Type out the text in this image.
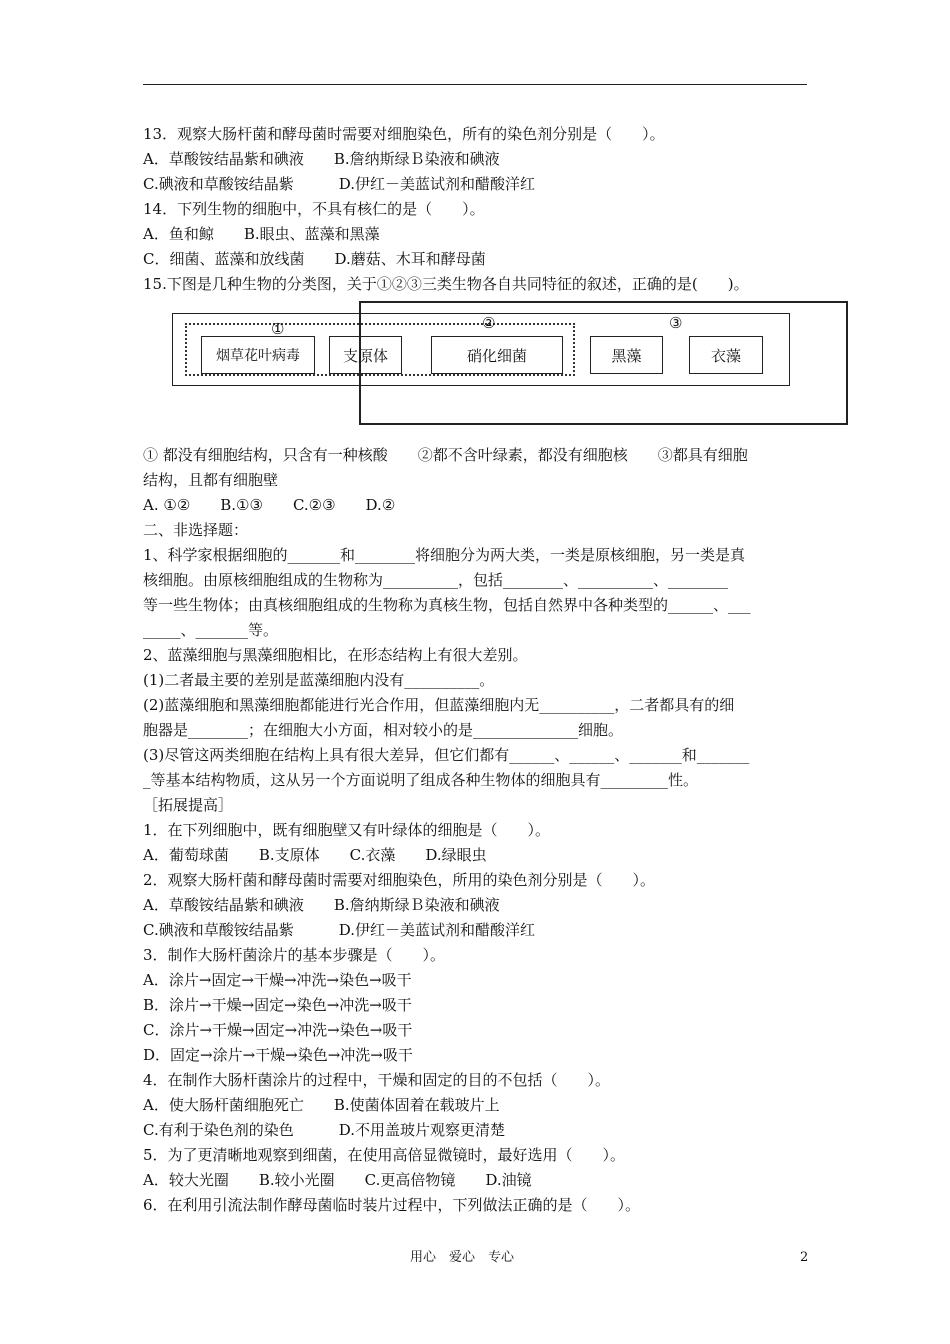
13．观察大肠杆菌和酵母菌时需要对细胞染色，所有的染色剂分别是（　　）。
A．草酸铵结晶紫和碘液　　B.詹纳斯绿Ｂ染液和碘液
C.碘液和草酸铵结晶紫　　　D.伊红－美蓝试剂和醋酸洋红
14．下列生物的细胞中，不具有核仁的是（　　）。
A．鱼和鲸　　B.眼虫、蓝藻和黑藻
C．细菌、蓝藻和放线菌　　D.蘑菇、木耳和酵母菌
15.下图是几种生物的分类图，关于①②③三类生物各自共同特征的叙述，正确的是(　　)。
①	②	③
烟草花叶病毒	支原体	硝化细菌	黑藻	衣藻
① 都没有细胞结构，只含有一种核酸　　②都不含叶绿素，都没有细胞核　　③都具有细胞
结构，且都有细胞壁
A. ①②　　B.①③　　C.②③　　D.②
二、非选择题：
1、科学家根据细胞的_______和________将细胞分为两大类，一类是原核细胞，另一类是真
核细胞。由原核细胞组成的生物称为__________，包括________、__________、________
等一些生物体；由真核细胞组成的生物称为真核生物，包括自然界中各种类型的______、___
_____、_______等。
2、蓝藻细胞与黑藻细胞相比，在形态结构上有很大差别。
(1)二者最主要的差别是蓝藻细胞内没有__________。
(2)蓝藻细胞和黑藻细胞都能进行光合作用，但蓝藻细胞内无__________，二者都具有的细
胞器是________；在细胞大小方面，相对较小的是______________细胞。
(3)尽管这两类细胞在结构上具有很大差异，但它们都有______、______、_______和_______
_等基本结构物质，这从另一个方面说明了组成各种生物体的细胞具有_________性。
［拓展提高］
1．在下列细胞中，既有细胞壁又有叶绿体的细胞是（　　）。
A．葡萄球菌　　B.支原体　　C.衣藻　　D.绿眼虫
2．观察大肠杆菌和酵母菌时需要对细胞染色，所用的染色剂分别是（　　）。
A．草酸铵结晶紫和碘液　　B.詹纳斯绿Ｂ染液和碘液
C.碘液和草酸铵结晶紫　　　D.伊红－美蓝试剂和醋酸洋红
3．制作大肠杆菌涂片的基本步骤是（　　）。
A．涂片→固定→干燥→冲洗→染色→吸干
B．涂片→干燥→固定→染色→冲洗→吸干
C．涂片→干燥→固定→冲洗→染色→吸干
D．固定→涂片→干燥→染色→冲洗→吸干
4．在制作大肠杆菌涂片的过程中，干燥和固定的目的不包括（　　）。
A．使大肠杆菌细胞死亡　　B.使菌体固着在载玻片上
C.有利于染色剂的染色　　　D.不用盖玻片观察更清楚
5．为了更清晰地观察到细菌，在使用高倍显微镜时，最好选用（　　）。
A．较大光圈　　B.较小光圈　　C.更高倍物镜　　D.油镜
6．在利用引流法制作酵母菌临时装片过程中，下列做法正确的是（　　）。
用心　爱心　专心	2
